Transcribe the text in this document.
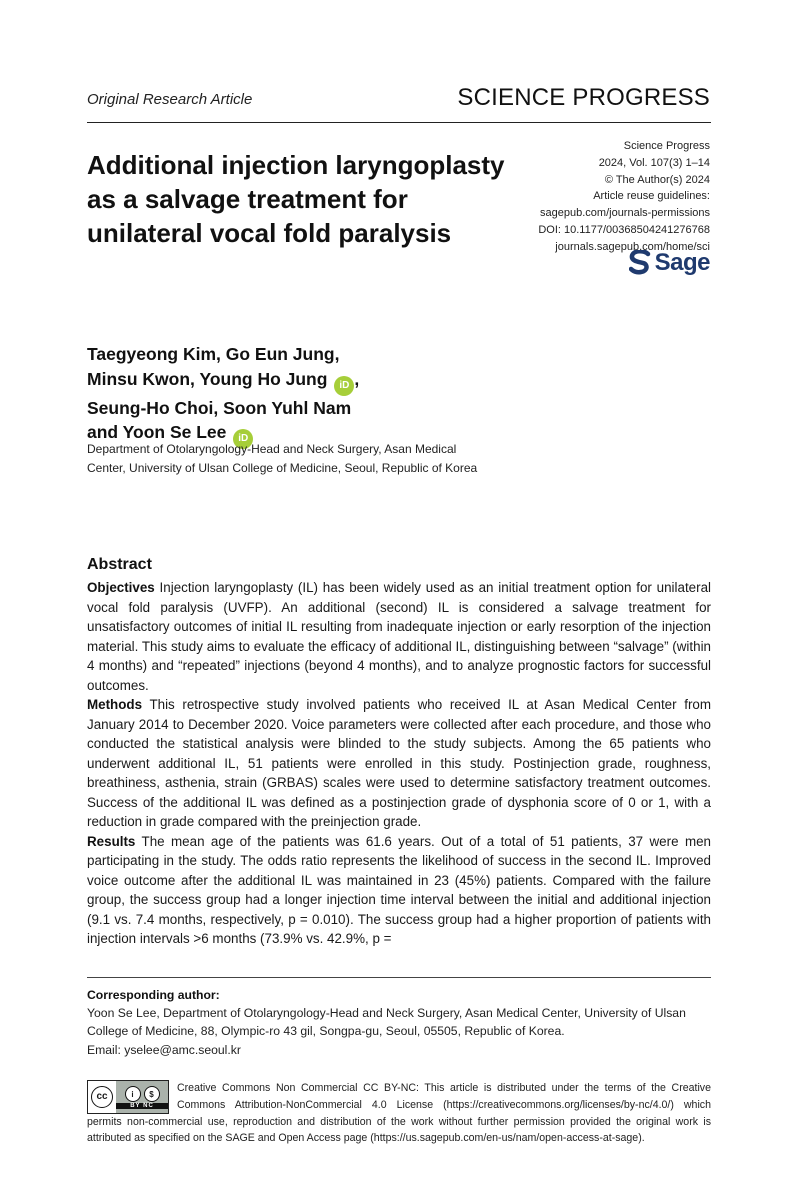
Original Research Article	SCIENCE PROGRESS
Additional injection laryngoplasty as a salvage treatment for unilateral vocal fold paralysis
Science Progress
2024, Vol. 107(3) 1–14
© The Author(s) 2024
Article reuse guidelines:
sagepub.com/journals-permissions
DOI: 10.1177/00368504241276768
journals.sagepub.com/home/sci
Sage
Taegyeong Kim, Go Eun Jung,
Minsu Kwon, Young Ho Jung iD ,
Seung-Ho Choi, Soon Yuhl Nam
and Yoon Se Lee iD
Department of Otolaryngology-Head and Neck Surgery, Asan Medical Center, University of Ulsan College of Medicine, Seoul, Republic of Korea
Abstract

Objectives Injection laryngoplasty (IL) has been widely used as an initial treatment option for unilateral vocal fold paralysis (UVFP). An additional (second) IL is considered a salvage treatment for unsatisfactory outcomes of initial IL resulting from inadequate injection or early resorption of the injection material. This study aims to evaluate the efficacy of additional IL, distinguishing between “salvage” (within 4 months) and “repeated” injections (beyond 4 months), and to analyze prognostic factors for successful outcomes.

Methods This retrospective study involved patients who received IL at Asan Medical Center from January 2014 to December 2020. Voice parameters were collected after each procedure, and those who conducted the statistical analysis were blinded to the study subjects. Among the 65 patients who underwent additional IL, 51 patients were enrolled in this study. Postinjection grade, roughness, breathiness, asthenia, strain (GRBAS) scales were used to determine satisfactory treatment outcomes. Success of the additional IL was defined as a postinjection grade of dysphonia score of 0 or 1, with a reduction in grade compared with the preinjection grade.

Results The mean age of the patients was 61.6 years. Out of a total of 51 patients, 37 were men participating in the study. The odds ratio represents the likelihood of success in the second IL. Improved voice outcome after the additional IL was maintained in 23 (45%) patients. Compared with the failure group, the success group had a longer injection time interval between the initial and additional injection (9.1 vs. 7.4 months, respectively, p = 0.010). The success group had a higher proportion of patients with injection intervals >6 months (73.9% vs. 42.9%, p =

Corresponding author:
Yoon Se Lee, Department of Otolaryngology-Head and Neck Surgery, Asan Medical Center, University of Ulsan College of Medicine, 88, Olympic-ro 43 gil, Songpa-gu, Seoul, 05505, Republic of Korea.
Email: yselee@amc.seoul.kr
Creative Commons Non Commercial CC BY-NC: This article is distributed under the terms of the Creative Commons Attribution-NonCommercial 4.0 License (https://creativecommons.org/licenses/by-nc/4.0/) which permits non-commercial use, reproduction and distribution of the work without further permission provided the original work is attributed as specified on the SAGE and Open Access page (https://us.sagepub.com/en-us/nam/open-access-at-sage).
cc	i	$
BY NC
